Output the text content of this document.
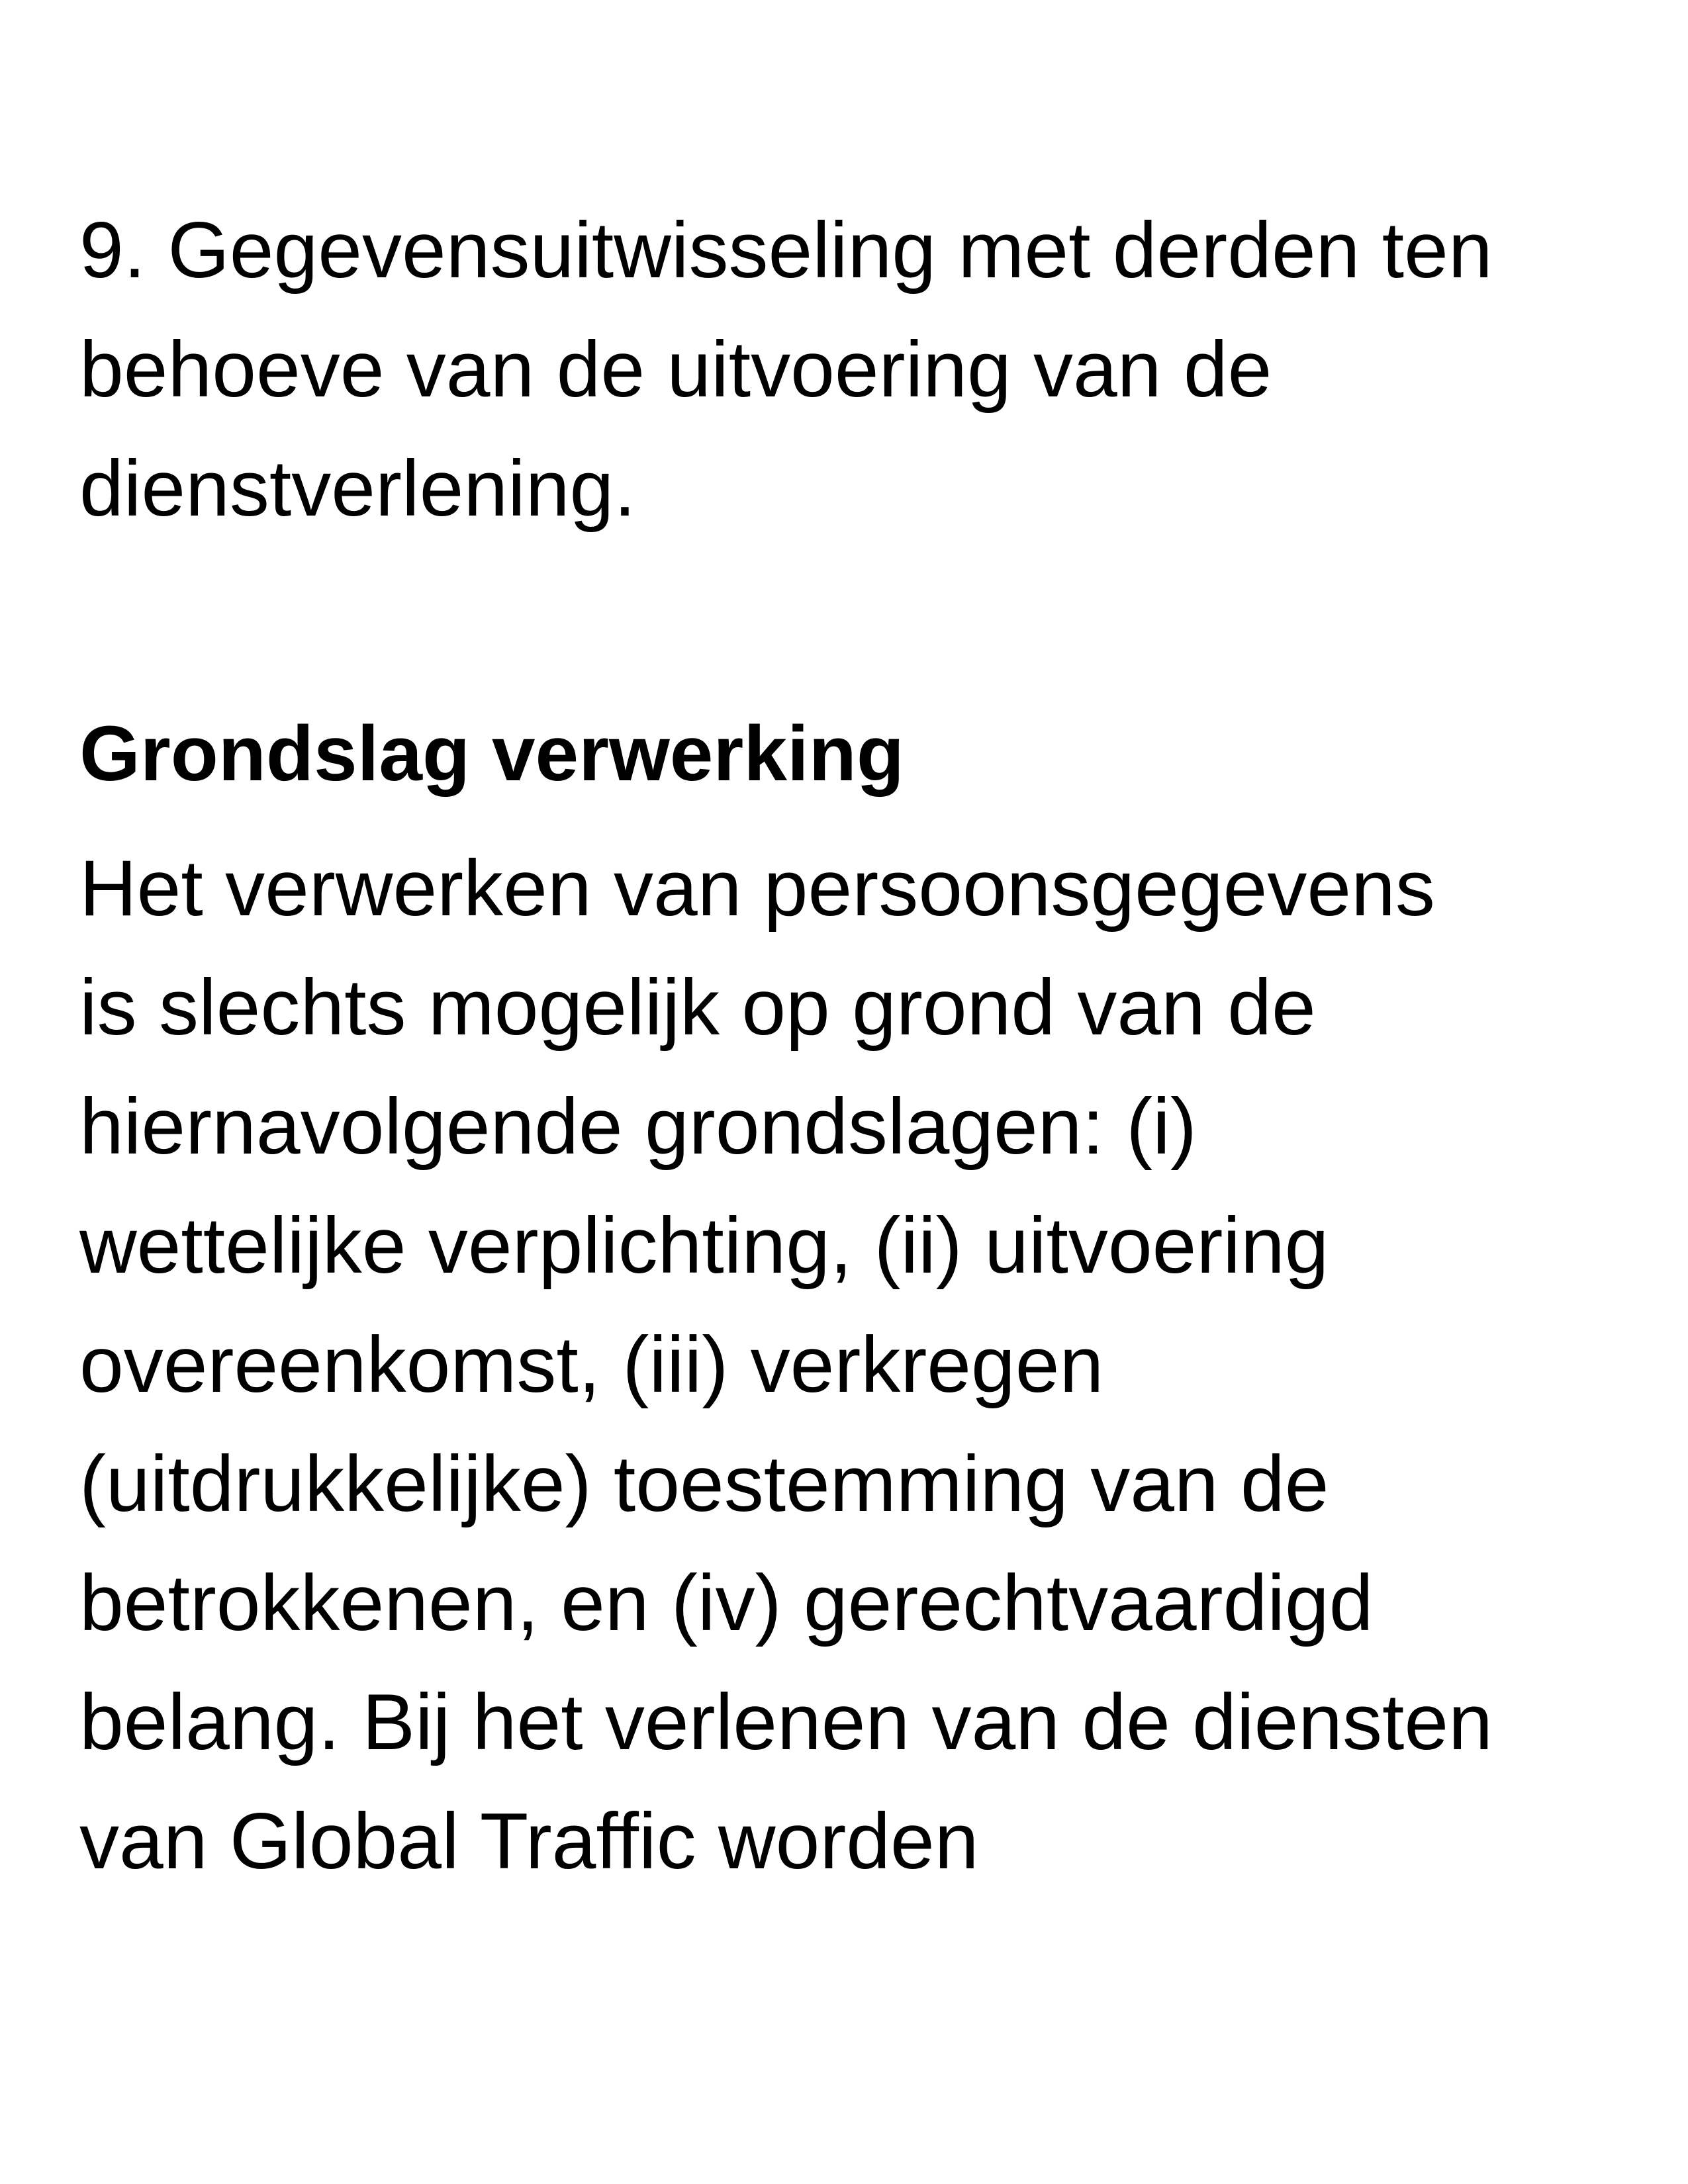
9. Gegevensuitwisseling met derden ten

behoeve van de uitvoering van de

dienstverlening.

Grondslag verwerking

Het verwerken van persoonsgegevens

is slechts mogelijk op grond van de

hiernavolgende grondslagen: (i)

wettelijke verplichting, (ii) uitvoering

overeenkomst, (iii) verkregen

(uitdrukkelijke) toestemming van de

betrokkenen, en (iv) gerechtvaardigd

belang. Bij het verlenen van de diensten

van Global Traffic worden
